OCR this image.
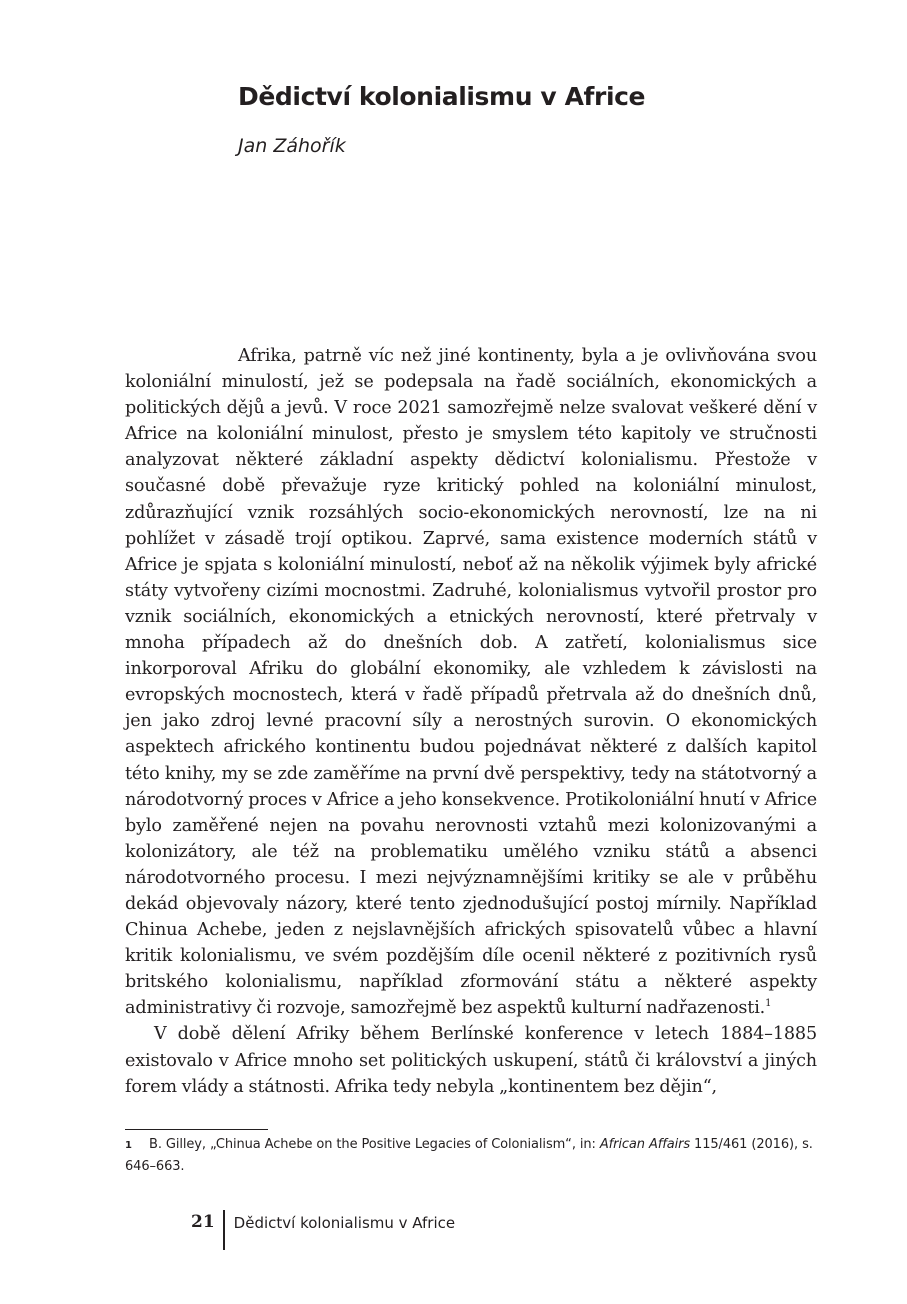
Dědictví kolonialismu v Africe

Jan Záhořík

Afrika, patrně víc než jiné kontinenty, byla a je ovlivňována svou koloniální minulostí, jež se podepsala na řadě sociálních, ekonomických a politických dějů a jevů. V roce 2021 samozřejmě nelze svalovat veškeré dění v Africe na koloniální minulost, přesto je smyslem této kapitoly ve stručnosti analyzovat některé základní aspekty dědictví kolonialismu. Přestože v současné době převažuje ryze kritický pohled na koloniální minulost, zdůrazňující vznik rozsáhlých socio-ekonomických nerovností, lze na ni pohlížet v zásadě trojí optikou. Zaprvé, sama existence moderních států v Africe je spjata s koloniální minulostí, neboť až na několik výjimek byly africké státy vytvořeny cizími mocnostmi. Zadruhé, kolonialismus vytvořil prostor pro vznik sociálních, ekonomických a etnických nerovností, které přetrvaly v mnoha případech až do dnešních dob. A zatřetí, kolonialismus sice inkorporoval Afriku do globální ekonomiky, ale vzhledem k závislosti na evropských mocnostech, která v řadě případů přetrvala až do dnešních dnů, jen jako zdroj levné pracovní síly a nerostných surovin. O ekonomických aspektech afrického kontinentu budou pojednávat některé z dalších kapitol této knihy, my se zde zaměříme na první dvě perspektivy, tedy na státotvorný a národotvorný proces v Africe a jeho konsekvence. Protikoloniální hnutí v Africe bylo zaměřené nejen na povahu nerovnosti vztahů mezi kolonizovanými a kolonizátory, ale též na problematiku umělého vzniku států a absenci národotvorného procesu. I mezi nejvýznamnějšími kritiky se ale v průběhu dekád objevovaly názory, které tento zjednodušující postoj mírnily. Například Chinua Achebe, jeden z nejslavnějších afrických spisovatelů vůbec a hlavní kritik kolonialismu, ve svém pozdějším díle ocenil některé z pozitivních rysů britského kolonialismu, například zformování státu a některé aspekty administrativy či rozvoje, samozřejmě bez aspektů kulturní nadřazenosti.$^1$

V době dělení Afriky během Berlínské konference v letech 1884–1885 existovalo v Africe mnoho set politických uskupení, států či království a jiných forem vlády a státnosti. Afrika tedy nebyla „kontinentem bez dějin“,

1 B. Gilley, „Chinua Achebe on the Positive Legacies of Colonialism“, in: African Affairs 115/461 (2016), s. 646–663.

21 Dědictví kolonialismu v Africe
